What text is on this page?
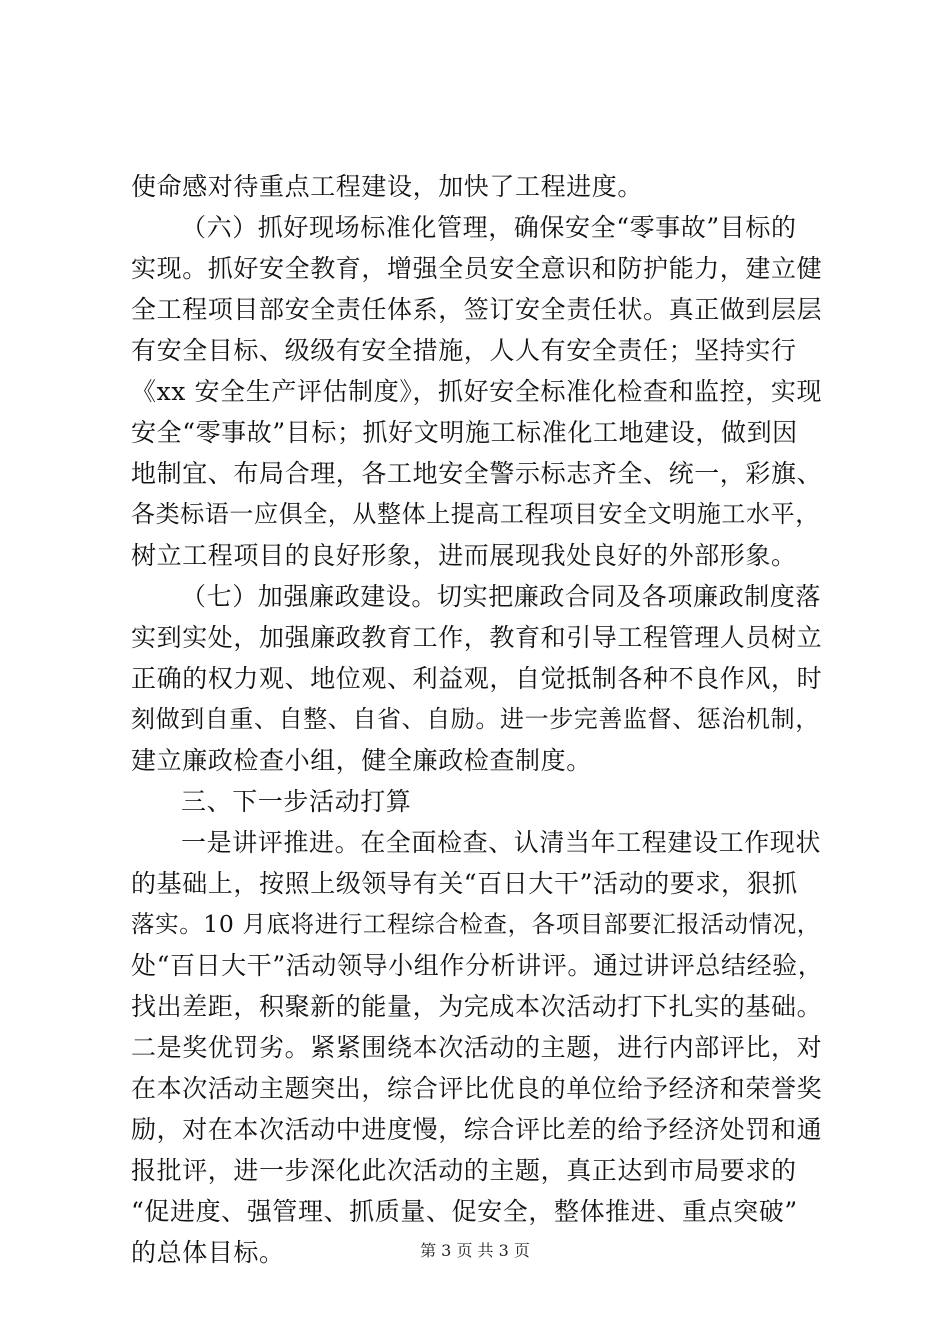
使命感对待重点工程建设，加快了工程进度。
（六）抓好现场标准化管理，确保安全“零事故”目标的
实现。抓好安全教育，增强全员安全意识和防护能力，建立健
全工程项目部安全责任体系，签订安全责任状。真正做到层层
有安全目标、级级有安全措施，人人有安全责任；坚持实行
《xx 安全生产评估制度》，抓好安全标准化检查和监控，实现
安全“零事故”目标；抓好文明施工标准化工地建设，做到因
地制宜、布局合理，各工地安全警示标志齐全、统一，彩旗、
各类标语一应俱全，从整体上提高工程项目安全文明施工水平，
树立工程项目的良好形象，进而展现我处良好的外部形象。
（七）加强廉政建设。切实把廉政合同及各项廉政制度落
实到实处，加强廉政教育工作，教育和引导工程管理人员树立
正确的权力观、地位观、利益观，自觉抵制各种不良作风，时
刻做到自重、自整、自省、自励。进一步完善监督、惩治机制，
建立廉政检查小组，健全廉政检查制度。
三、下一步活动打算
一是讲评推进。在全面检查、认清当年工程建设工作现状
的基础上，按照上级领导有关“百日大干”活动的要求，狠抓
落实。10 月底将进行工程综合检查，各项目部要汇报活动情况，
处“百日大干”活动领导小组作分析讲评。通过讲评总结经验，
找出差距，积聚新的能量，为完成本次活动打下扎实的基础。
二是奖优罚劣。紧紧围绕本次活动的主题，进行内部评比，对
在本次活动主题突出，综合评比优良的单位给予经济和荣誉奖
励，对在本次活动中进度慢，综合评比差的给予经济处罚和通
报批评，进一步深化此次活动的主题，真正达到市局要求的
“促进度、强管理、抓质量、促安全，整体推进、重点突破”
的总体目标。	第 3 页 共 3 页
